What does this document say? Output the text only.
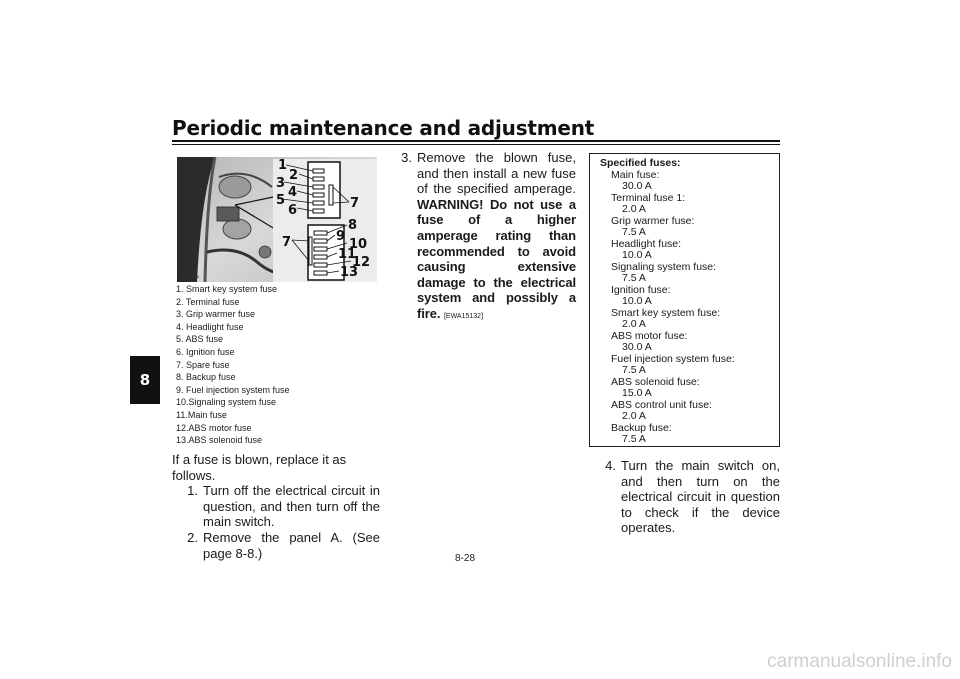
Periodic maintenance and adjustment
8
1
2
3
4
5
6	7
7
8
9
10
11
12
13
ZAUM1466
1. Smart key system fuse
2. Terminal fuse
3. Grip warmer fuse
4. Headlight fuse
5. ABS fuse
6. Ignition fuse
7. Spare fuse
8. Backup fuse
9. Fuel injection system fuse
10.Signaling system fuse
11.Main fuse
12.ABS motor fuse
13.ABS solenoid fuse
If a fuse is blown, replace it as follows.
1. Turn off the electrical circuit in question, and then turn off the main switch.
2. Remove the panel A. (See page 8-8.)
3. Remove the blown fuse, and then install a new fuse of the specified amperage. WARNING! Do not use a fuse of a higher amperage rating than recommended to avoid causing extensive damage to the electrical system and possibly a fire. [EWA15132]
Specified fuses:
Main fuse:
30.0 A
Terminal fuse 1:
2.0 A
Grip warmer fuse:
7.5 A
Headlight fuse:
10.0 A
Signaling system fuse:
7.5 A
Ignition fuse:
10.0 A
Smart key system fuse:
2.0 A
ABS motor fuse:
30.0 A
Fuel injection system fuse:
7.5 A
ABS solenoid fuse:
15.0 A
ABS control unit fuse:
2.0 A
Backup fuse:
7.5 A
4. Turn the main switch on, and then turn on the electrical circuit in question to check if the device operates.
8-28
carmanualsonline.info
